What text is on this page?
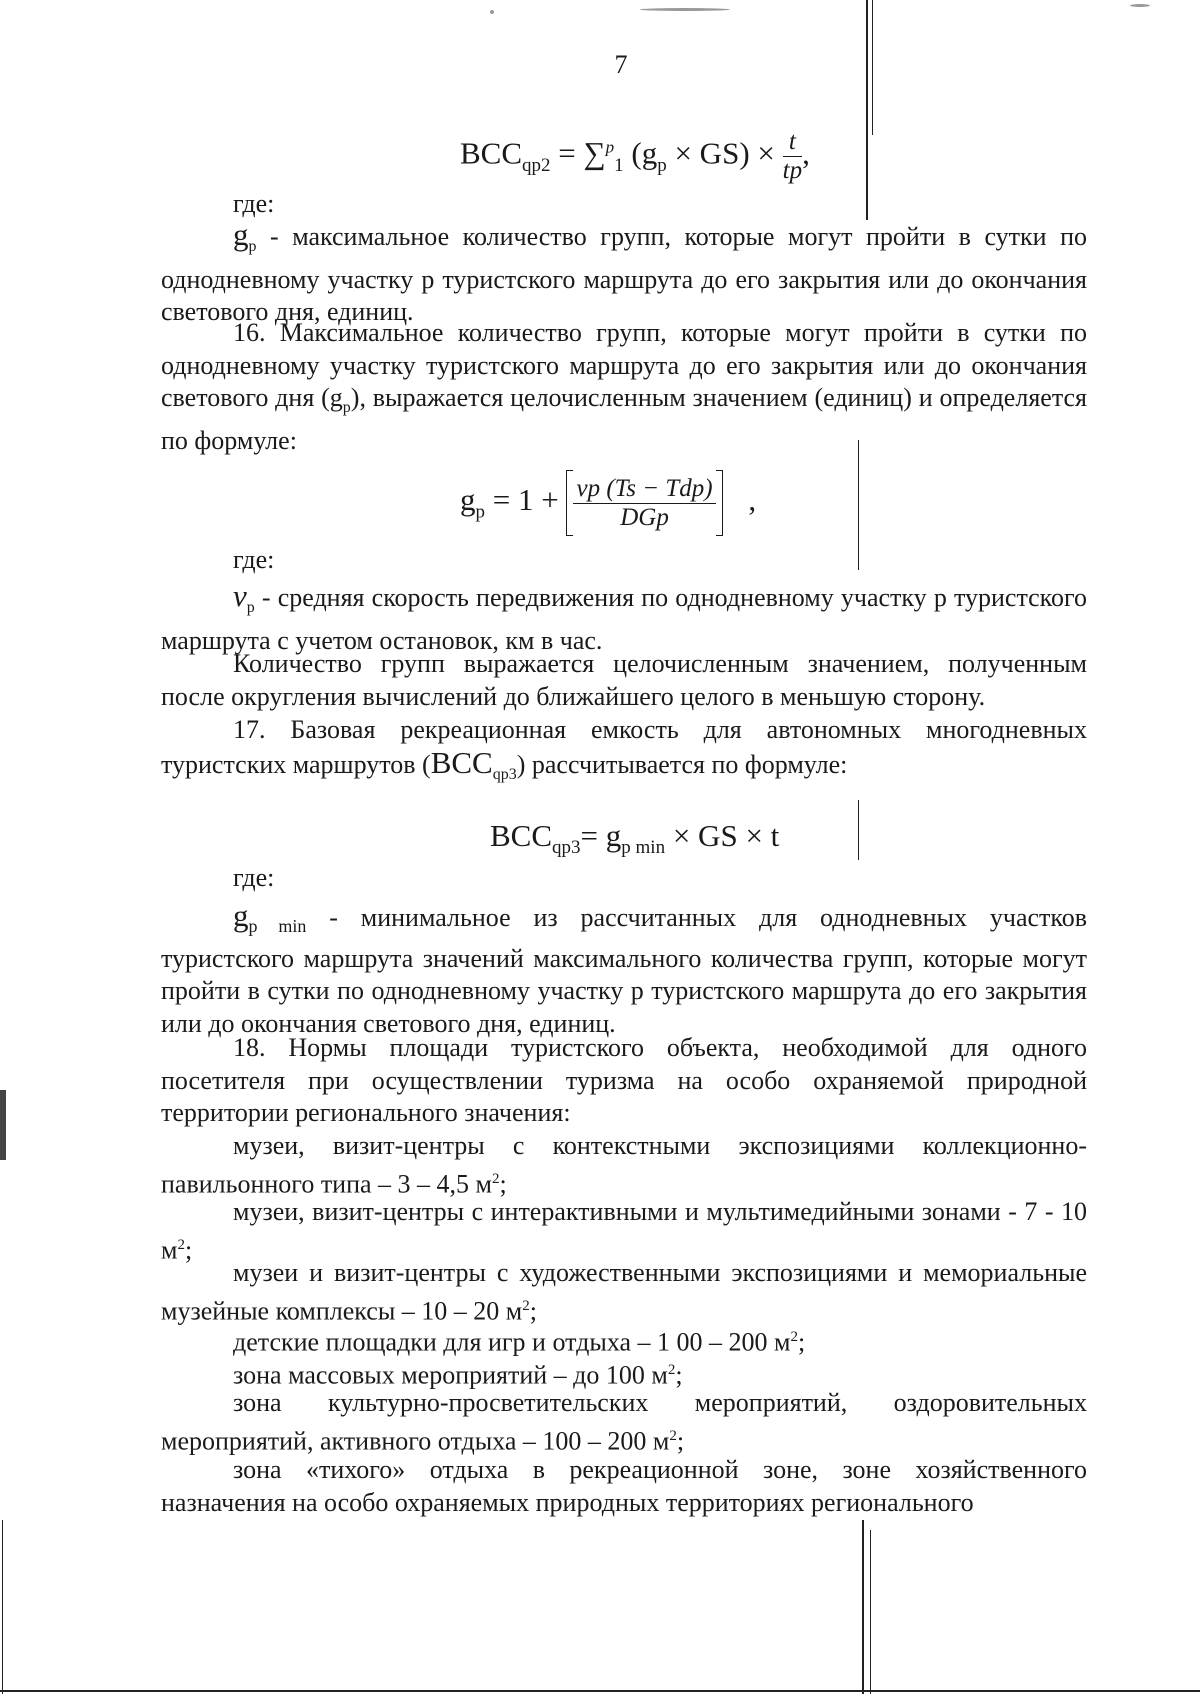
7
$BCC_{qp2} = \sum^p_1$ $(g_p \times GS) \times \frac{t}{tp}$ ,
где:
$g_p$ - максимальное количество групп, которые могут пройти в сутки по однодневному участку р туристского маршрута до его закрытия или до окончания светового дня, единиц.
16. Максимальное количество групп, которые могут пройти в сутки по однодневному участку туристского маршрута до его закрытия или до окончания светового дня $(g_p)$, выражается целочисленным значением (единиц) и определяется по формуле:
$g_p = 1 + \frac{\text{vp (Ts − Tdp)}}{\text{DGp}}$ ,
где:
$v_p$ - средняя скорость передвижения по однодневному участку р туристского маршрута с учетом остановок, км в час.
Количество групп выражается целочисленным значением, полученным после округления вычислений до ближайшего целого в меньшую сторону.
17. Базовая рекреационная емкость для автономных многодневных туристских маршрутов $(BCC_{qp3})$ рассчитывается по формуле:
$BCC_{qp3}= g_{p min}$ × GS × t
где:
$g_{p min}$ - минимальное из рассчитанных для однодневных участков туристского маршрута значений максимального количества групп, которые могут пройти в сутки по однодневному участку р туристского маршрута до его закрытия или до окончания светового дня, единиц.
18. Нормы площади туристского объекта, необходимой для одного посетителя при осуществлении туризма на особо охраняемой природной территории регионального значения:
музеи, визит-центры с контекстными экспозициями коллекционно-павильонного типа – 3 – 4,5 $м^2$;
музеи, визит-центры с интерактивными и мультимедийными зонами - 7 - 10 $м^2$;
музеи и визит-центры с художественными экспозициями и мемориальные музейные комплексы – 10 – 20 $м^2$;
детские площадки для игр и отдыха – 1 00 – 200 $м^2$;
зона массовых мероприятий – до 100 $м^2$;
зона культурно-просветительских мероприятий, оздоровительных мероприятий, активного отдыха – 100 – 200 $м^2$;
зона «тихого» отдыха в рекреационной зоне, зоне хозяйственного назначения на особо охраняемых природных территориях регионального
